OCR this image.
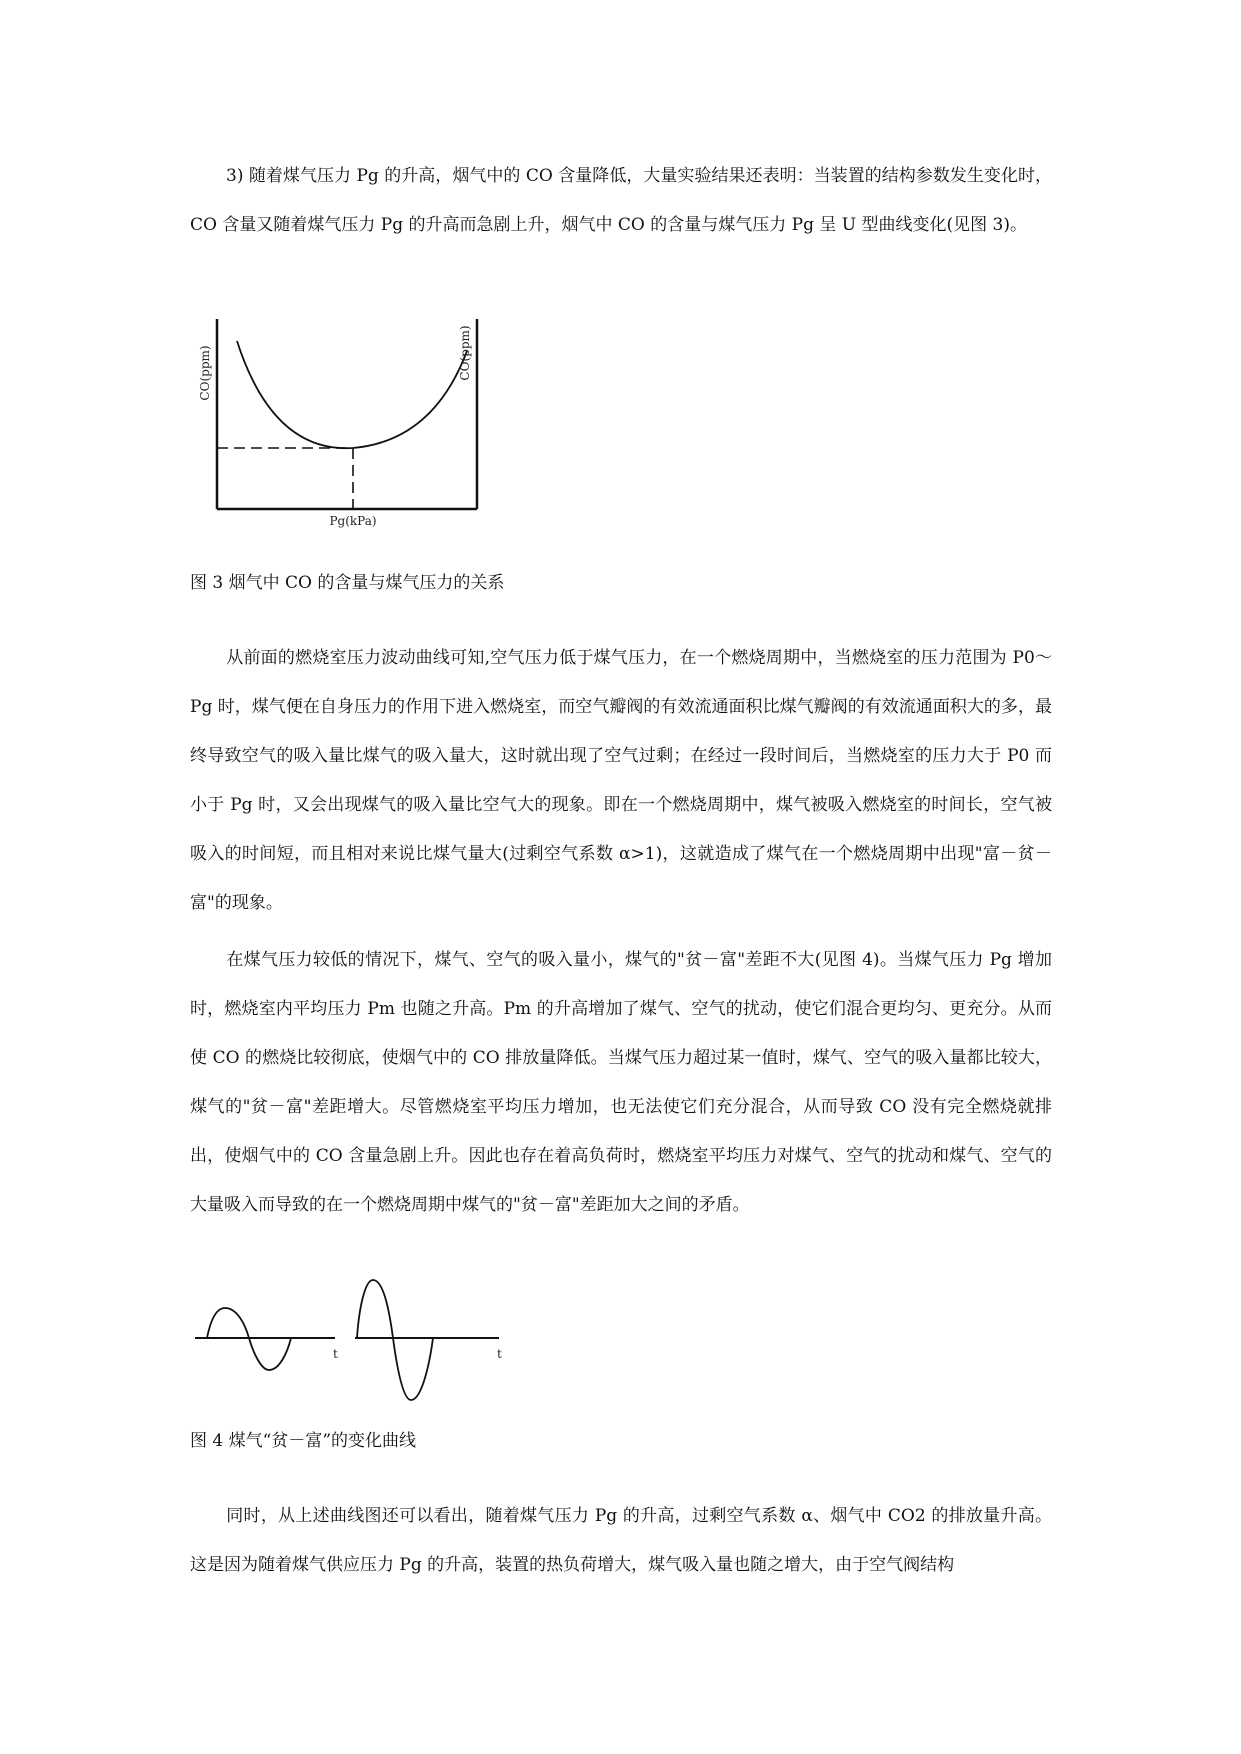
3) 随着煤气压力 Pg 的升高，烟气中的 CO 含量降低，大量实验结果还表明：当装置的结构参数发生变化时，CO 含量又随着煤气压力 Pg 的升高而急剧上升，烟气中 CO 的含量与煤气压力 Pg 呈 U 型曲线变化(见图 3)。

CO(ppm)	CO(ppm)
Pg(kPa)

图 3 烟气中 CO 的含量与煤气压力的关系

从前面的燃烧室压力波动曲线可知,空气压力低于煤气压力，在一个燃烧周期中，当燃烧室的压力范围为 P0～Pg 时，煤气便在自身压力的作用下进入燃烧室，而空气瓣阀的有效流通面积比煤气瓣阀的有效流通面积大的多，最终导致空气的吸入量比煤气的吸入量大，这时就出现了空气过剩；在经过一段时间后，当燃烧室的压力大于 P0 而小于 Pg 时，又会出现煤气的吸入量比空气大的现象。即在一个燃烧周期中，煤气被吸入燃烧室的时间长，空气被吸入的时间短，而且相对来说比煤气量大(过剩空气系数 α>1)，这就造成了煤气在一个燃烧周期中出现"富－贫－富"的现象。

在煤气压力较低的情况下，煤气、空气的吸入量小，煤气的"贫－富"差距不大(见图 4)。当煤气压力 Pg 增加时，燃烧室内平均压力 Pm 也随之升高。Pm 的升高增加了煤气、空气的扰动，使它们混合更均匀、更充分。从而使 CO 的燃烧比较彻底，使烟气中的 CO 排放量降低。当煤气压力超过某一值时，煤气、空气的吸入量都比较大，煤气的"贫－富"差距增大。尽管燃烧室平均压力增加，也无法使它们充分混合，从而导致 CO 没有完全燃烧就排出，使烟气中的 CO 含量急剧上升。因此也存在着高负荷时，燃烧室平均压力对煤气、空气的扰动和煤气、空气的大量吸入而导致的在一个燃烧周期中煤气的"贫－富"差距加大之间的矛盾。

t	t

图 4 煤气“贫－富”的变化曲线

同时，从上述曲线图还可以看出，随着煤气压力 Pg 的升高，过剩空气系数 α、烟气中 CO2 的排放量升高。这是因为随着煤气供应压力 Pg 的升高，装置的热负荷增大，煤气吸入量也随之增大，由于空气阀结构
